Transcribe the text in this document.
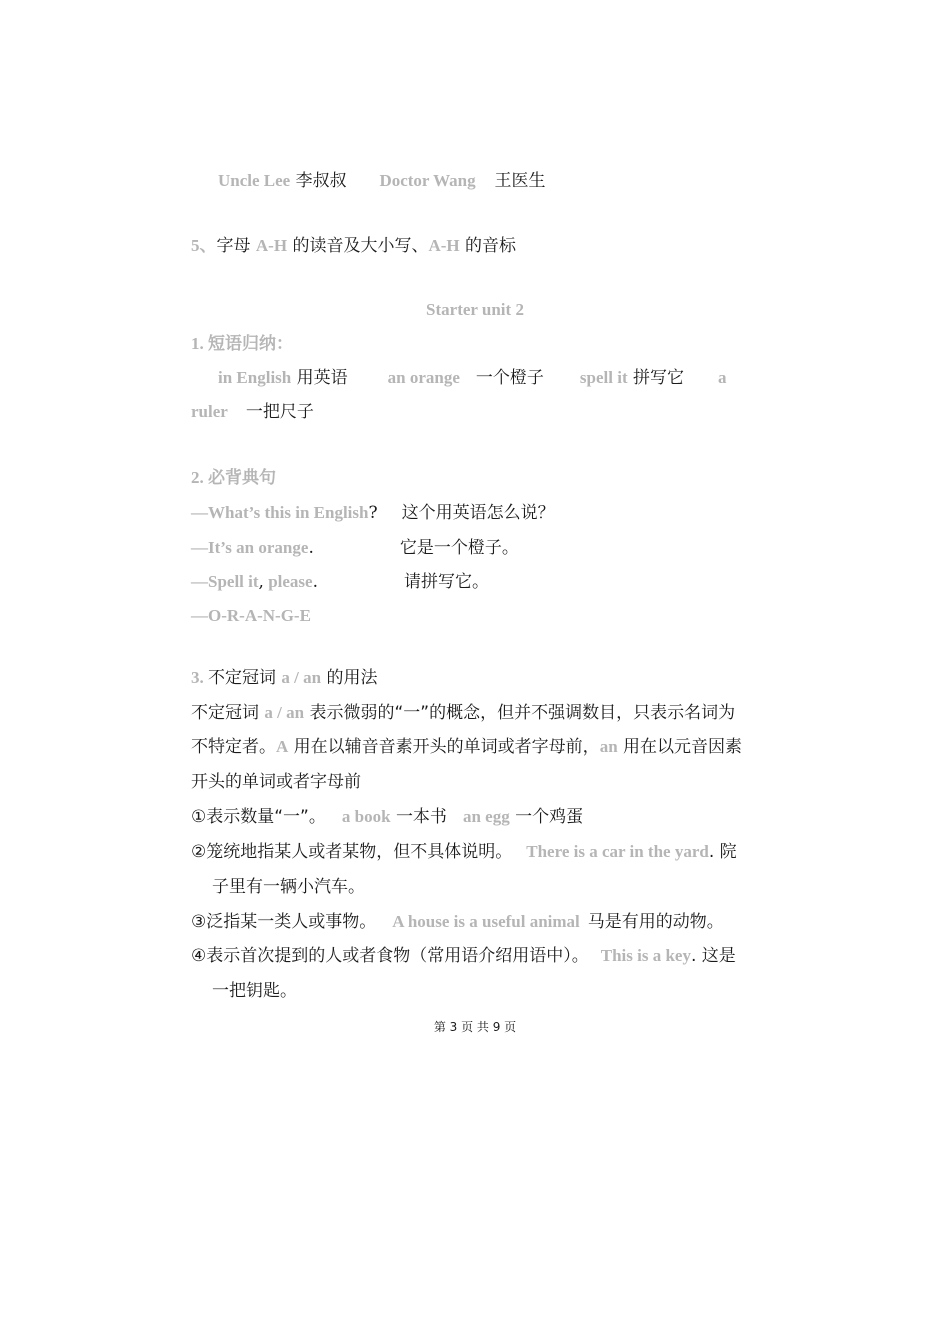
Uncle Lee 李叔叔 Doctor Wang 王医生
5、字母 A-H 的读音及大小写、A-H 的音标
Starter unit 2
1. 短语归纳：
in English 用英语 an orange 一个橙子 spell it 拼写它 a
ruler 一把尺子
2. 必背典句
—What’s this in English? 这个用英语怎么说？
—It’s an orange.	它是一个橙子。
—Spell it, please.	请拼写它。
—O-R-A-N-G-E
3. 不定冠词 a / an 的用法
不定冠词 a / an 表示微弱的“一”的概念，但并不强调数目，只表示名词为
不特定者。A 用在以辅音音素开头的单词或者字母前，an 用在以元音因素
开头的单词或者字母前
①表示数量“一”。 a book 一本书 an egg 一个鸡蛋
②笼统地指某人或者某物，但不具体说明。 There is a car in the yard. 院
子里有一辆小汽车。
③泛指某一类人或事物。 A house is a useful animal 马是有用的动物。
④表示首次提到的人或者食物（常用语介绍用语中）。 This is a key. 这是
一把钥匙。
第 3 页 共 9 页
